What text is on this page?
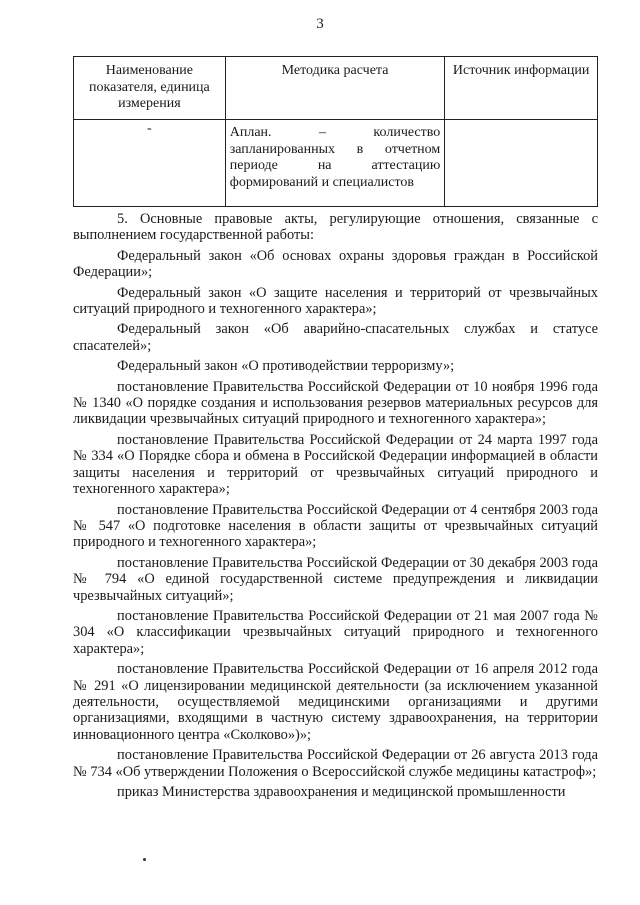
3
Наименование показателя, единица измерения	Методика расчета	Источник информации
-	Аплан. – количество
запланированных в отчетном
периоде на аттестацию
формирований и специалистов	

5. Основные правовые акты, регулирующие отношения, связанные с выполнением государственной работы:

Федеральный закон «Об основах охраны здоровья граждан в Российской Федерации»;

Федеральный закон «О защите населения и территорий от чрезвычайных ситуаций природного и техногенного характера»;

Федеральный закон «Об аварийно-спасательных службах и статусе спасателей»;

Федеральный закон «О противодействии терроризму»;

постановление Правительства Российской Федерации от 10 ноября 1996 года № 1340 «О порядке создания и использования резервов материальных ресурсов для ликвидации чрезвычайных ситуаций природного и техногенного характера»;

постановление Правительства Российской Федерации от 24 марта 1997 года № 334 «О Порядке сбора и обмена в Российской Федерации информацией в области защиты населения и территорий от чрезвычайных ситуаций природного и техногенного характера»;

постановление Правительства Российской Федерации от 4 сентября 2003 года № 547 «О подготовке населения в области защиты от чрезвычайных ситуаций природного и техногенного характера»;

постановление Правительства Российской Федерации от 30 декабря 2003 года № 794 «О единой государственной системе предупреждения и ликвидации чрезвычайных ситуаций»;

постановление Правительства Российской Федерации от 21 мая 2007 года № 304 «О классификации чрезвычайных ситуаций природного и техногенного характера»;

постановление Правительства Российской Федерации от 16 апреля 2012 года № 291 «О лицензировании медицинской деятельности (за исключением указанной деятельности, осуществляемой медицинскими организациями и другими организациями, входящими в частную систему здравоохранения, на территории инновационного центра «Сколково»)»;

постановление Правительства Российской Федерации от 26 августа 2013 года № 734 «Об утверждении Положения о Всероссийской службе медицины катастроф»;

приказ Министерства здравоохранения и медицинской промышленности
